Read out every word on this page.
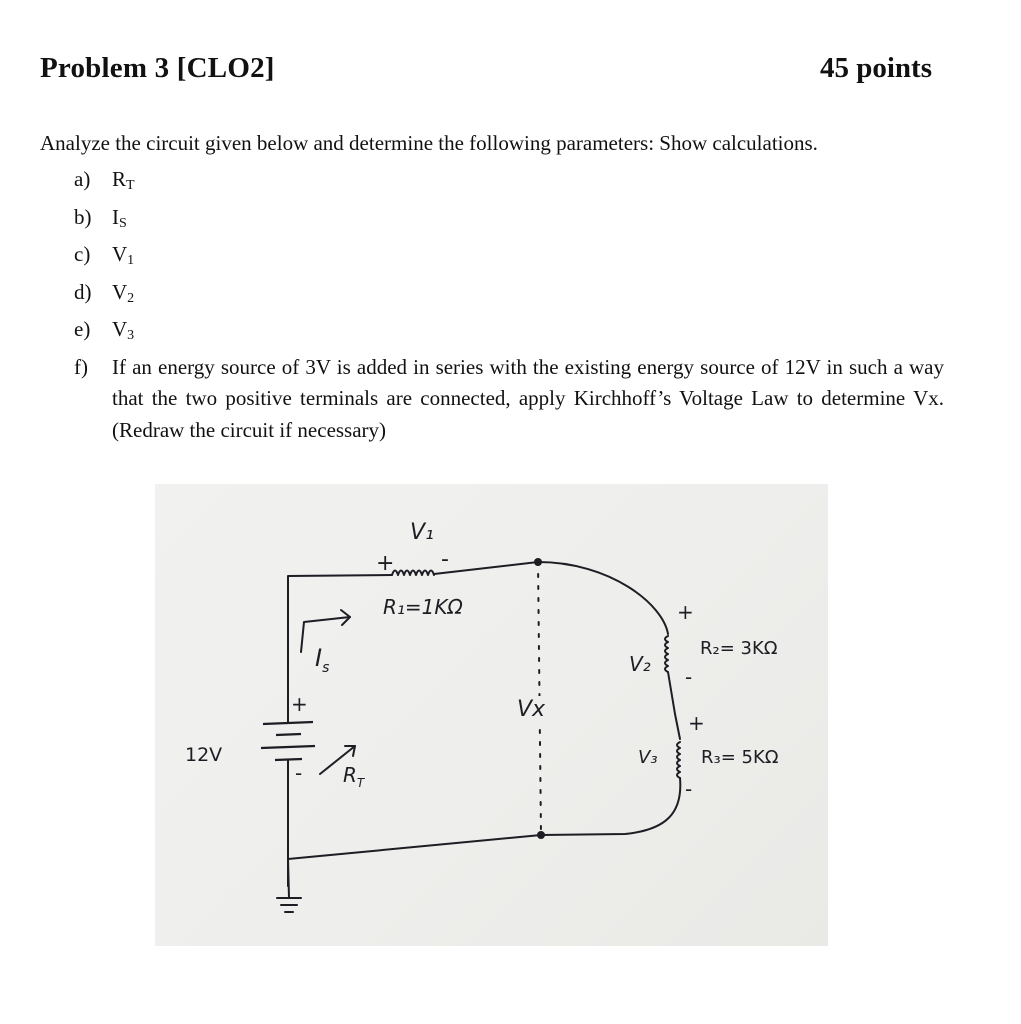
Problem 3 [CLO2]	45 points
Analyze the circuit given below and determine the following parameters: Show calculations.
a) $R_T$
b) $I_S$
c) $V_1$
d) $V_2$
e) $V_3$
f) If an energy source of 3V is added in series with the existing energy source of 12V in such a way that the two positive terminals are connected, apply Kirchhoff’s Voltage Law to determine Vx. (Redraw the circuit if necessary)
V₁
+ -
R₁=1KΩ
$I_s$
+
-
12V
$R_T$
Vx
+
V₂
-
R₂= 3KΩ
+
V₃
-
R₃= 5KΩ
